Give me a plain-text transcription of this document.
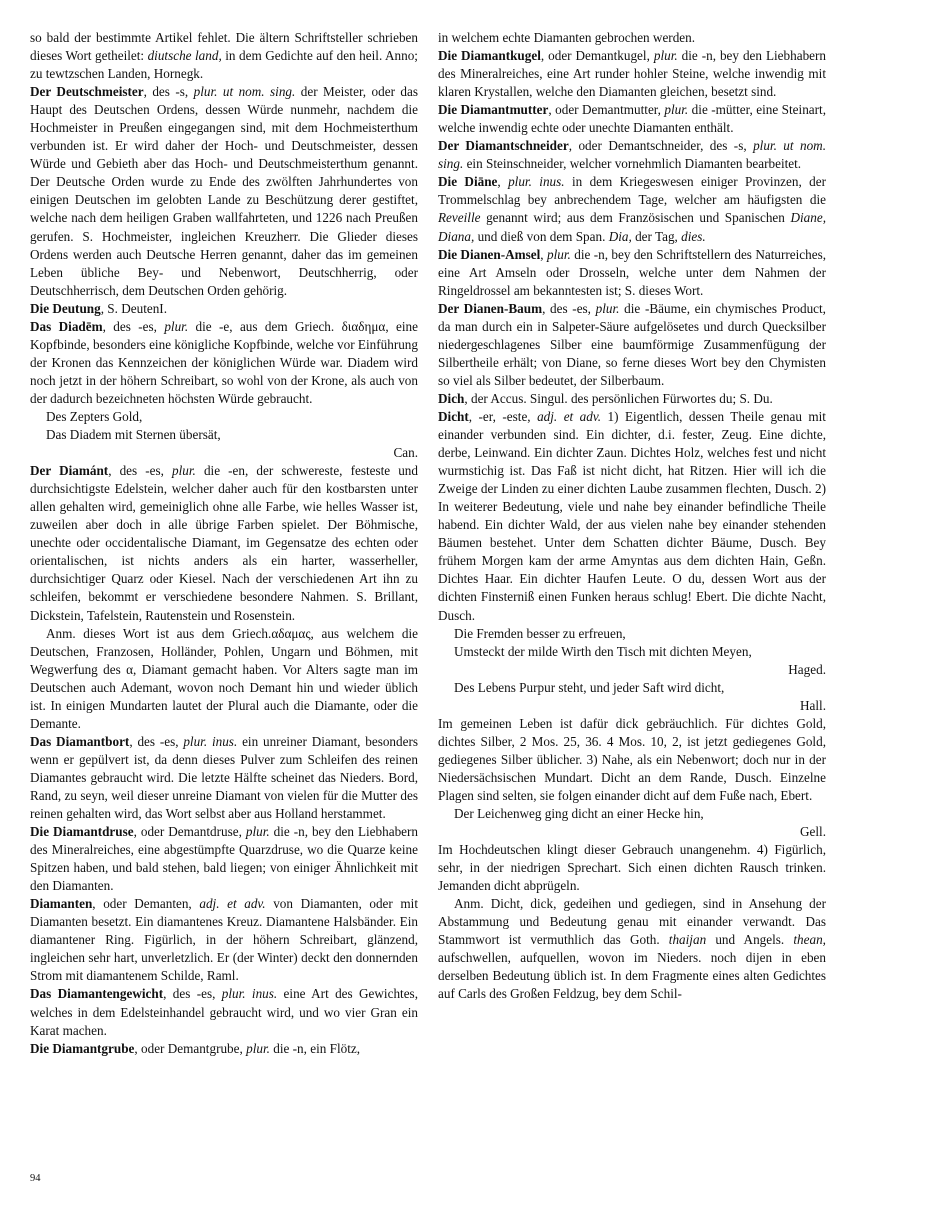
so bald der bestimmte Artikel fehlet. Die ältern Schriftsteller schrieben dieses Wort getheilet: diutsche land, in dem Gedichte auf den heil. Anno; zu tewtzschen Landen, Hornegk.

Der Deutschmeister, des -s, plur. ut nom. sing. der Meister, oder das Haupt des Deutschen Ordens, dessen Würde nunmehr, nachdem die Hochmeister in Preußen eingegangen sind, mit dem Hochmeisterthum verbunden ist. Er wird daher der Hoch- und Deutschmeister, dessen Würde und Gebieth aber das Hoch- und Deutschmeisterthum genannt. Der Deutsche Orden wurde zu Ende des zwölften Jahrhundertes von einigen Deutschen im gelobten Lande zu Beschützung derer gestiftet, welche nach dem heiligen Graben wallfahrteten, und 1226 nach Preußen gerufen. S. Hochmeister, ingleichen Kreuzherr. Die Glieder dieses Ordens werden auch Deutsche Herren genannt, daher das im gemeinen Leben übliche Bey- und Nebenwort, Deutschherrig, oder Deutschherrisch, dem Deutschen Orden gehörig.

Die Deutung, S. DeutenI.

Das Diadēm, des -es, plur. die -e, aus dem Griech. διαδημα, eine Kopfbinde, besonders eine königliche Kopfbinde, welche vor Einführung der Kronen das Kennzeichen der königlichen Würde war. Diadem wird noch jetzt in der höhern Schreibart, so wohl von der Krone, als auch von der dadurch bezeichneten höchsten Würde gebraucht.

Des Zepters Gold,

Das Diadem mit Sternen übersät,

Can.

Der Diamánt, des -es, plur. die -en, der schwereste, festeste und durchsichtigste Edelstein, welcher daher auch für den kostbarsten unter allen gehalten wird, gemeiniglich ohne alle Farbe, wie helles Wasser ist, zuweilen aber doch in alle übrige Farben spielet. Der Böhmische, unechte oder occidentalische Diamant, im Gegensatze des echten oder orientalischen, ist nichts anders als ein harter, wasserheller, durchsichtiger Quarz oder Kiesel. Nach der verschiedenen Art ihn zu schleifen, bekommt er verschiedene besondere Nahmen. S. Brillant, Dickstein, Tafelstein, Rautenstein und Rosenstein.

Anm. dieses Wort ist aus dem Griech.αδαμας, aus welchem die Deutschen, Franzosen, Holländer, Pohlen, Ungarn und Böhmen, mit Wegwerfung des α, Diamant gemacht haben. Vor Alters sagte man im Deutschen auch Ademant, wovon noch Demant hin und wieder üblich ist. In einigen Mundarten lautet der Plural auch die Diamante, oder die Demante.

Das Diamantbort, des -es, plur. inus. ein unreiner Diamant, besonders wenn er gepülvert ist, da denn dieses Pulver zum Schleifen des reinen Diamantes gebraucht wird. Die letzte Hälfte scheinet das Nieders. Bord, Rand, zu seyn, weil dieser unreine Diamant von vielen für die Mutter des reinen gehalten wird, das Wort selbst aber aus Holland herstammet.

Die Diamantdruse, oder Demantdruse, plur. die -n, bey den Liebhabern des Mineralreiches, eine abgestümpfte Quarzdruse, wo die Quarze keine Spitzen haben, und bald stehen, bald liegen; von einiger Ähnlichkeit mit den Diamanten.

Diamanten, oder Demanten, adj. et adv. von Diamanten, oder mit Diamanten besetzt. Ein diamantenes Kreuz. Diamantene Halsbänder. Ein diamantener Ring. Figürlich, in der höhern Schreibart, glänzend, ingleichen sehr hart, unverletzlich. Er (der Winter) deckt den donnernden Strom mit diamantenem Schilde, Raml.

Das Diamantengewicht, des -es, plur. inus. eine Art des Gewichtes, welches in dem Edelsteinhandel gebraucht wird, und wo vier Gran ein Karat machen.

Die Diamantgrube, oder Demantgrube, plur. die -n, ein Flötz,

in welchem echte Diamanten gebrochen werden.

Die Diamantkugel, oder Demantkugel, plur. die -n, bey den Liebhabern des Mineralreiches, eine Art runder hohler Steine, welche inwendig mit klaren Krystallen, welche den Diamanten gleichen, besetzt sind.

Die Diamantmutter, oder Demantmutter, plur. die -mütter, eine Steinart, welche inwendig echte oder unechte Diamanten enthält.

Der Diamantschneider, oder Demantschneider, des -s, plur. ut nom. sing. ein Steinschneider, welcher vornehmlich Diamanten bearbeitet.

Die Diāne, plur. inus. in dem Kriegeswesen einiger Provinzen, der Trommelschlag bey anbrechendem Tage, welcher am häufigsten die Reveille genannt wird; aus dem Französischen und Spanischen Diane, Diana, und dieß von dem Span. Dia, der Tag, dies.

Die Dianen-Amsel, plur. die -n, bey den Schriftstellern des Naturreiches, eine Art Amseln oder Drosseln, welche unter dem Nahmen der Ringeldrossel am bekanntesten ist; S. dieses Wort.

Der Dianen-Baum, des -es, plur. die -Bäume, ein chymisches Product, da man durch ein in Salpeter-Säure aufgelösetes und durch Quecksilber niedergeschlagenes Silber eine baumförmige Zusammenfügung der Silbertheile erhält; von Diane, so ferne dieses Wort bey den Chymisten so viel als Silber bedeutet, der Silberbaum.

Dich, der Accus. Singul. des persönlichen Fürwortes du; S. Du.

Dicht, -er, -este, adj. et adv. 1) Eigentlich, dessen Theile genau mit einander verbunden sind. Ein dichter, d.i. fester, Zeug. Eine dichte, derbe, Leinwand. Ein dichter Zaun. Dichtes Holz, welches fest und nicht wurmstichig ist. Das Faß ist nicht dicht, hat Ritzen. Hier will ich die Zweige der Linden zu einer dichten Laube zusammen flechten, Dusch. 2) In weiterer Bedeutung, viele und nahe bey einander befindliche Theile habend. Ein dichter Wald, der aus vielen nahe bey einander stehenden Bäumen bestehet. Unter dem Schatten dichter Bäume, Dusch. Bey frühem Morgen kam der arme Amyntas aus dem dichten Hain, Geßn. Dichtes Haar. Ein dichter Haufen Leute. O du, dessen Wort aus der dichten Finsterniß einen Funken heraus schlug! Ebert. Die dichte Nacht, Dusch.

Die Fremden besser zu erfreuen,

Umsteckt der milde Wirth den Tisch mit dichten Meyen,

Haged.

Des Lebens Purpur steht, und jeder Saft wird dicht,

Hall.

Im gemeinen Leben ist dafür dick gebräuchlich. Für dichtes Gold, dichtes Silber, 2 Mos. 25, 36. 4 Mos. 10, 2, ist jetzt gediegenes Gold, gediegenes Silber üblicher. 3) Nahe, als ein Nebenwort; doch nur in der Niedersächsischen Mundart. Dicht an dem Rande, Dusch. Einzelne Plagen sind selten, sie folgen einander dicht auf dem Fuße nach, Ebert.

Der Leichenweg ging dicht an einer Hecke hin,

Gell.

Im Hochdeutschen klingt dieser Gebrauch unangenehm. 4) Figürlich, sehr, in der niedrigen Sprechart. Sich einen dichten Rausch trinken. Jemanden dicht abprügeln.

Anm. Dicht, dick, gedeihen und gediegen, sind in Ansehung der Abstammung und Bedeutung genau mit einander verwandt. Das Stammwort ist vermuthlich das Goth. thaijan und Angels. thean, aufschwellen, aufquellen, wovon im Nieders. noch dijen in eben derselben Bedeutung üblich ist. In dem Fragmente eines alten Gedichtes auf Carls des Großen Feldzug, bey dem Schil-

94
